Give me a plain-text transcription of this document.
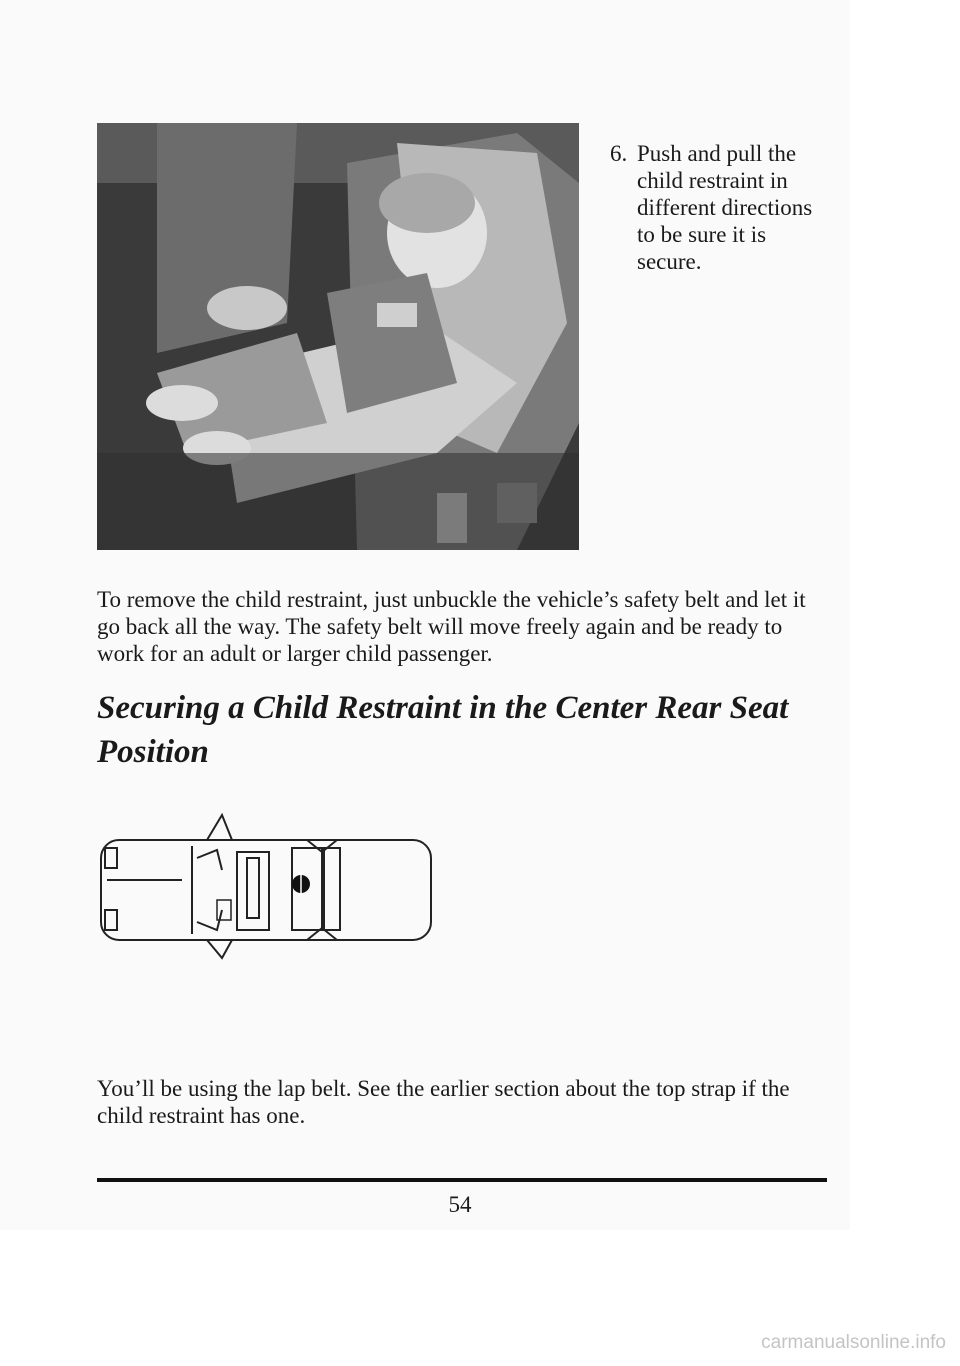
6. Push and pull the child restraint in different directions to be sure it is secure.

To remove the child restraint, just unbuckle the vehicle’s safety belt and let it go back all the way. The safety belt will move freely again and be ready to work for an adult or larger child passenger.

Securing a Child Restraint in the Center Rear Seat Position

You’ll be using the lap belt. See the earlier section about the top strap if the child restraint has one.

54
carmanualsonline.info
